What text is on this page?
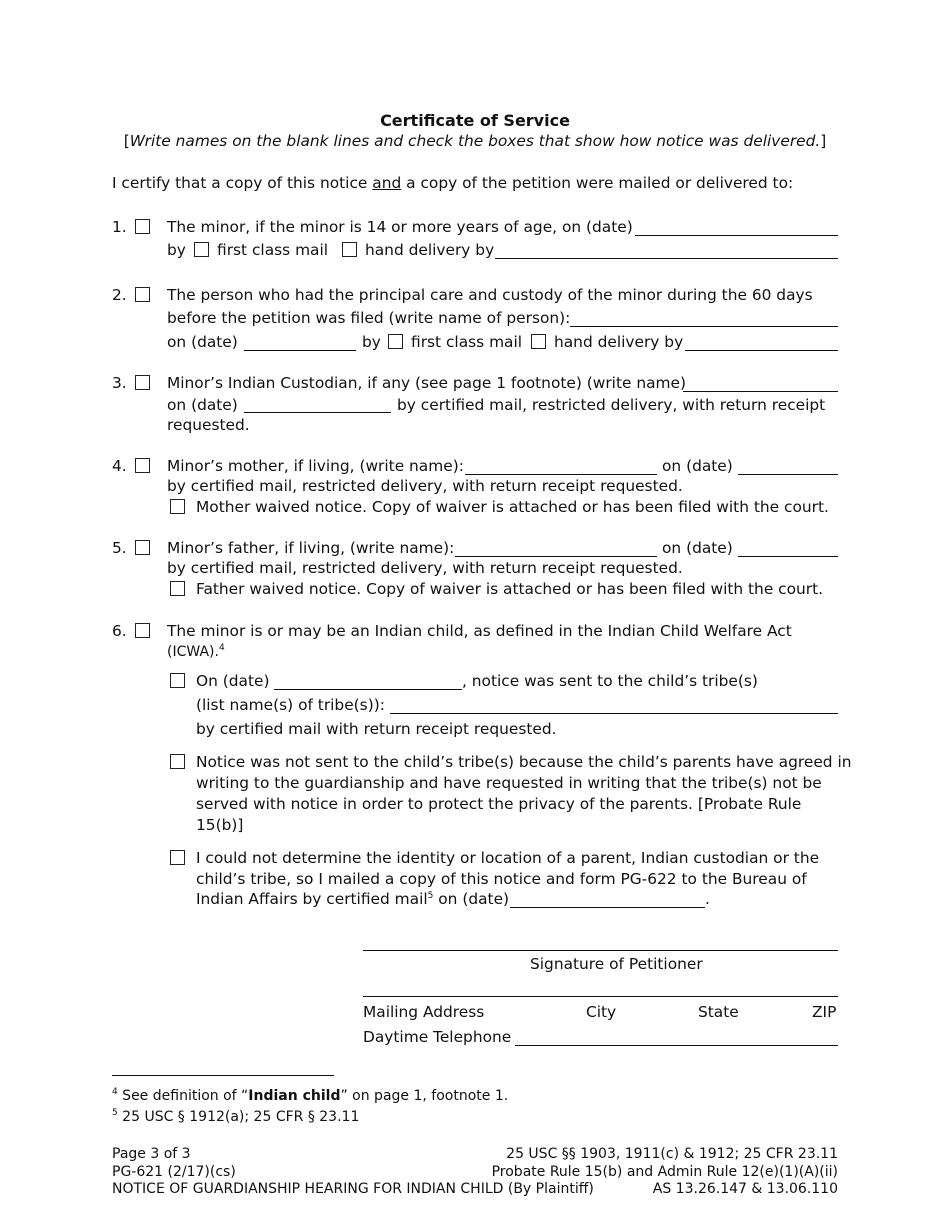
Certificate of Service
[Write names on the blank lines and check the boxes that show how notice was delivered.]
I certify that a copy of this notice and a copy of the petition were mailed or delivered to:
1.	The minor, if the minor is 14 or more years of age, on (date)
by first class mail hand delivery by
2.	The person who had the principal care and custody of the minor during the 60 days
before the petition was filed (write name of person):
on (date)	by first class mail hand delivery by
3.	Minor’s Indian Custodian, if any (see page 1 footnote) (write name)
on (date)	by certified mail, restricted delivery, with return receipt
requested.
4.	Minor’s mother, if living, (write name):	on (date)
by certified mail, restricted delivery, with return receipt requested.
Mother waived notice. Copy of waiver is attached or has been filed with the court.
5.	Minor’s father, if living, (write name):	on (date)
by certified mail, restricted delivery, with return receipt requested.
Father waived notice. Copy of waiver is attached or has been filed with the court.
6.	The minor is or may be an Indian child, as defined in the Indian Child Welfare Act
(ICWA).$^4$
On (date)	, notice was sent to the child’s tribe(s)
(list name(s) of tribe(s)):
by certified mail with return receipt requested.
Notice was not sent to the child’s tribe(s) because the child’s parents have agreed in
writing to the guardianship and have requested in writing that the tribe(s) not be
served with notice in order to protect the privacy of the parents. [Probate Rule
15(b)]
I could not determine the identity or location of a parent, Indian custodian or the
child’s tribe, so I mailed a copy of this notice and form PG-622 to the Bureau of
Indian Affairs by certified mail$^5$ on (date)	.
Signature of Petitioner
Mailing Address	City	State	ZIP
Daytime Telephone
$^4$ See definition of “Indian child” on page 1, footnote 1.
$^5$ 25 USC § 1912(a); 25 CFR § 23.11
Page 3 of 3
PG-621 (2/17)(cs)
NOTICE OF GUARDIANSHIP HEARING FOR INDIAN CHILD (By Plaintiff)
25 USC §§ 1903, 1911(c) & 1912; 25 CFR 23.11
Probate Rule 15(b) and Admin Rule 12(e)(1)(A)(ii)
AS 13.26.147 & 13.06.110
